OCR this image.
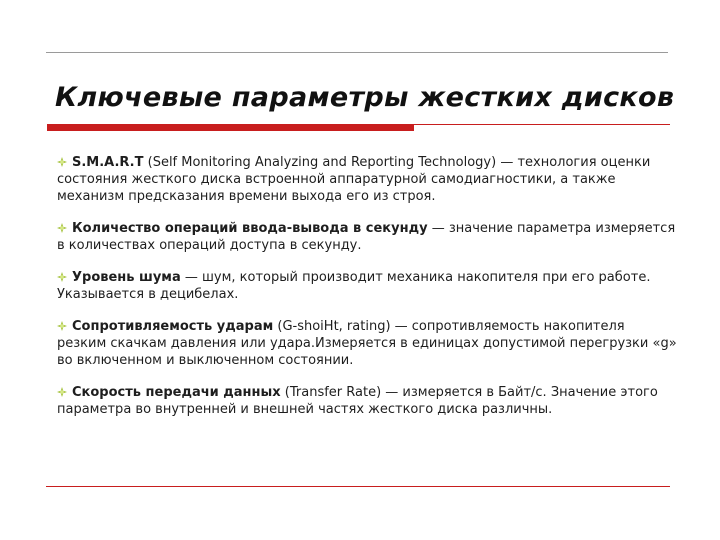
Ключевые параметры жестких дисков

S.M.A.R.T (Self Monitoring Analyzing and Reporting Technology) — технология оценки состояния жесткого диска встроенной аппаратурной самодиагностики, а также механизм предсказания времени выхода его из строя.

Количество операций ввода-вывода в секунду — значение параметра измеряется в количествах операций доступа в секунду.

Уровень шума — шум, который производит механика накопителя при его работе. Указывается в децибелах.

Сопротивляемость ударам (G-shoiHt, rating) — сопротивляемость накопителя резким скачкам давления или удара.Измеряется в единицах допустимой перегрузки «g» во включенном и выключенном состоянии.

Скорость передачи данных (Transfer Rate) — измеряется в Байт/с. Значение этого параметра во внутренней и внешней частях жесткого диска различны.
